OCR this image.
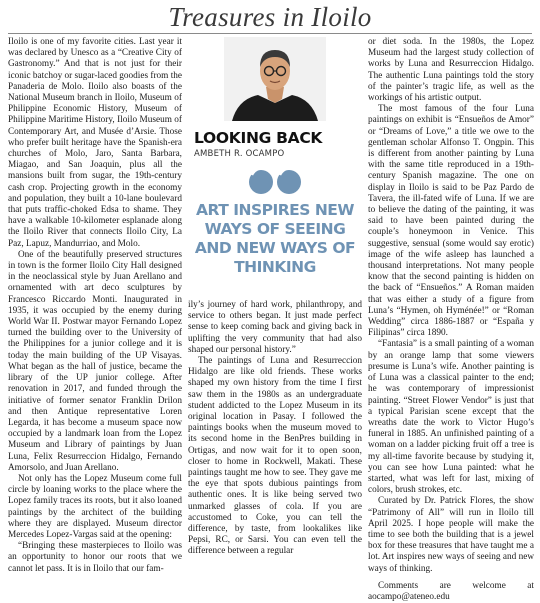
Treasures in Iloilo

Iloilo is one of my favorite cities. Last year it was declared by Unesco as a “Creative City of Gastronomy.” And that is not just for their iconic batchoy or sugar-laced goodies from the Panaderia de Molo. Iloilo also boasts of the National Museum branch in Iloilo, Museum of Philippine Economic History, Museum of Philippine Maritime History, Iloilo Museum of Contemporary Art, and Musée d’Arsie. Those who prefer built heritage have the Spanish-era churches of Molo, Jaro, Santa Barbara, Miagao, and San Joaquin, plus all the mansions built from sugar, the 19th-century cash crop. Projecting growth in the economy and population, they built a 10-lane boulevard that puts traffic-choked Edsa to shame. They have a walkable 10-kilometer esplanade along the Iloilo River that connects Iloilo City, La Paz, Lapuz, Mandurriao, and Molo.

One of the beautifully preserved structures in town is the former Iloilo City Hall designed in the neoclassical style by Juan Arellano and ornamented with art deco sculptures by Francesco Riccardo Monti. Inaugurated in 1935, it was occupied by the enemy during World War II. Postwar mayor Fernando Lopez turned the building over to the University of the Philippines for a junior college and it is today the main building of the UP Visayas. What began as the hall of justice, became the library of the UP junior college. After renovation in 2017, and funded through the initiative of former senator Franklin Drilon and then Antique representative Loren Legarda, it has become a museum space now occupied by a landmark loan from the Lopez Museum and Library of paintings by Juan Luna, Felix Resurreccion Hidalgo, Fernando Amorsolo, and Juan Arellano.

Not only has the Lopez Museum come full circle by loaning works to the place where the Lopez family traces its roots, but it also loaned paintings by the architect of the building where they are displayed. Museum director Mercedes Lopez-Vargas said at the opening:

“Bringing these masterpieces to Iloilo was an opportunity to honor our roots that we cannot let pass. It is in Iloilo that our fam-

LOOKING BACK
AMBETH R. OCAMPO
ART INSPIRES NEW WAYS OF SEEING AND NEW WAYS OF THINKING

ily’s journey of hard work, philanthropy, and service to others began. It just made perfect sense to keep coming back and giving back in uplifting the very community that had also shaped our personal history.”

The paintings of Luna and Resurreccion Hidalgo are like old friends. These works shaped my own history from the time I first saw them in the 1980s as an undergraduate student addicted to the Lopez Museum in its original location in Pasay. I followed the paintings books when the museum moved to its second home in the BenPres building in Ortigas, and now wait for it to open soon, closer to home in Rockwell, Makati. These paintings taught me how to see. They gave me the eye that spots dubious paintings from authentic ones. It is like being served two unmarked glasses of cola. If you are accustomed to Coke, you can tell the difference, by taste, from lookalikes like Pepsi, RC, or Sarsi. You can even tell the difference between a regular

or diet soda. In the 1980s, the Lopez Museum had the largest study collection of works by Luna and Resurreccion Hidalgo. The authentic Luna paintings told the story of the painter’s tragic life, as well as the workings of his artistic output.

The most famous of the four Luna paintings on exhibit is “Ensueños de Amor” or “Dreams of Love,” a title we owe to the gentleman scholar Alfonso T. Ongpin. This is different from another painting by Luna with the same title reproduced in a 19th-century Spanish magazine. The one on display in Iloilo is said to be Paz Pardo de Tavera, the ill-fated wife of Luna. If we are to believe the dating of the painting, it was said to have been painted during the couple’s honeymoon in Venice. This suggestive, sensual (some would say erotic) image of the wife asleep has launched a thousand interpretations. Not many people know that the second painting is hidden on the back of “Ensueños.” A Roman maiden that was either a study of a figure from Luna’s “Hymen, oh Hyménée!” or “Roman Wedding” circa 1886-1887 or “España y Filipinas” circa 1890.

“Fantasia” is a small painting of a woman by an orange lamp that some viewers presume is Luna’s wife. Another painting is of Luna was a classical painter to the end; he was contemporary of impressionist painting. “Street Flower Vendor” is just that a typical Parisian scene except that the wreaths date the work to Victor Hugo’s funeral in 1885. An unfinished painting of a woman on a ladder picking fruit off a tree is my all-time favorite because by studying it, you can see how Luna painted: what he started, what was left for last, mixing of colors, brush strokes, etc.

Curated by Dr. Patrick Flores, the show “Patrimony of All” will run in Iloilo till April 2025. I hope people will make the time to see both the building that is a jewel box for these treasures that have taught me a lot. Art inspires new ways of seeing and new ways of thinking.

Comments are welcome at aocampo@ateneo.edu
